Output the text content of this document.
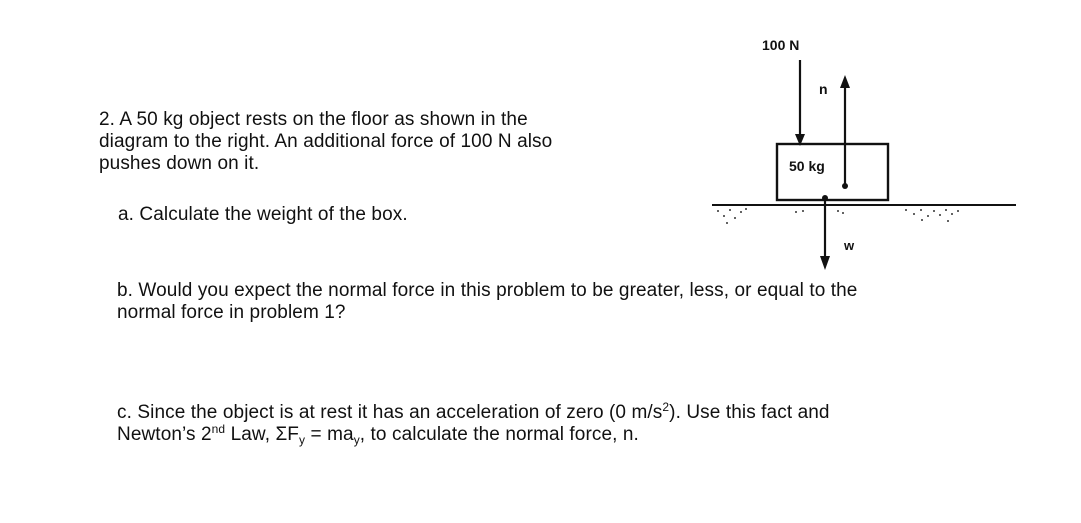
2. A 50 kg object rests on the floor as shown in the
diagram to the right. An additional force of 100 N also
pushes down on it.
a. Calculate the weight of the box.
b. Would you expect the normal force in this problem to be greater, less, or equal to the
normal force in problem 1?
c. Since the object is at rest it has an acceleration of zero (0 $m/s^2$). Use this fact and
Newton’s 2nd Law, $\Sigma F_y = ma_y$, to calculate the normal force, n.
100 N
n
50 kg
w
